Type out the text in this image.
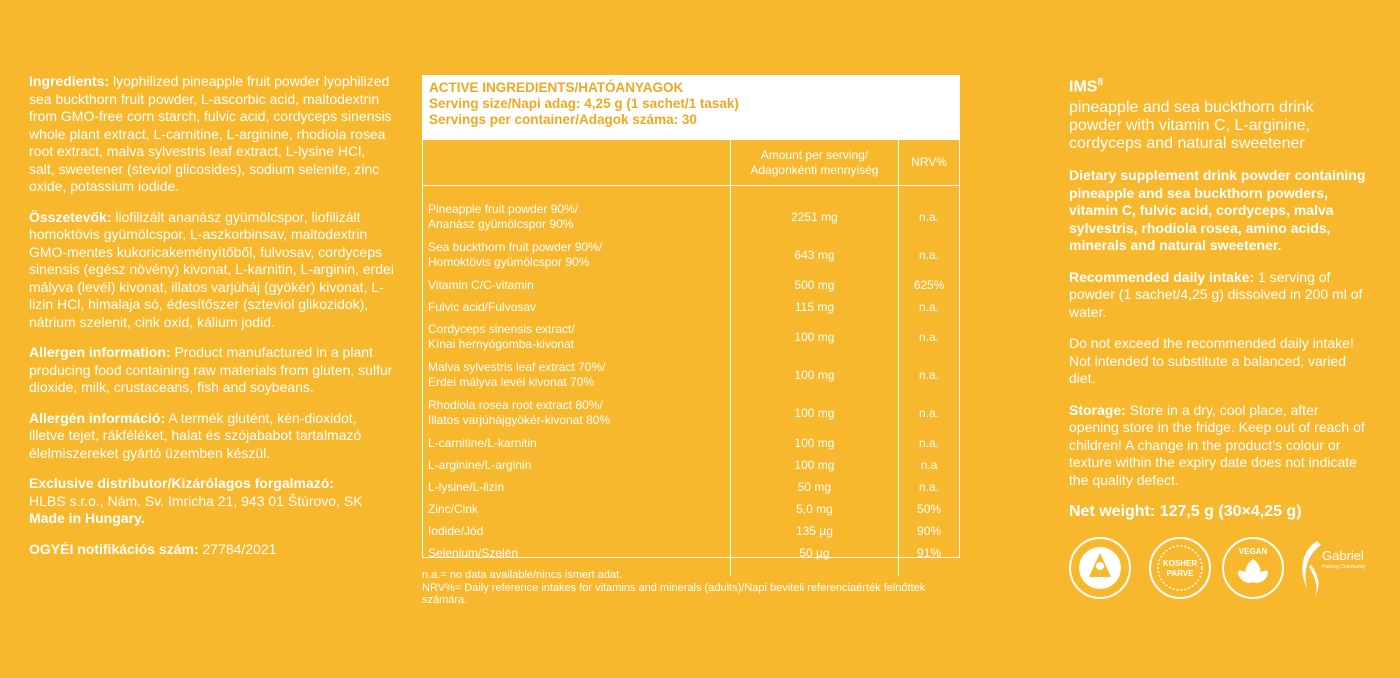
Ingredients: lyophilized pineapple fruit powder lyophilized sea buckthorn fruit powder, L-ascorbic acid, maltodextrin from GMO-free corn starch, fulvic acid, cordyceps sinensis whole plant extract, L-carnitine, L-arginine, rhodiola rosea root extract, malva sylvestris leaf extract, L-lysine HCl, salt, sweetener (steviol glicosides), sodium selenite, zinc oxide, potassium iodide.

Összetevők: liofilizált ananász gyümölcspor, liofilizált homoktövis gyümölcspor, L-aszkorbinsav, maltodextrin GMO-mentes kukoricakeményítőből, fulvosav, cordyceps sinensis (egész növény) kivonat, L-karnitin, L-arginin, erdei mályva (levél) kivonat, illatos varjúháj (gyökér) kivonat, L-lizin HCl, himalaja só, édesítőszer (szteviol glikozidok), nátrium szelenit, cink oxid, kálium jodid.

Allergen information: Product manufactured in a plant producing food containing raw materials from gluten, sulfur dioxide, milk, crustaceans, fish and soybeans.

Allergén információ: A termék glutént, kén-dioxidot, illetve tejet, rákféléket, halat és szójababot tartalmazó élelmiszereket gyártó üzemben készül.

Exclusive distributor/Kizárólagos forgalmazó:
HLBS s.r.o., Nám. Sv. Imricha 21, 943 01 Štúrovo, SK
Made in Hungary.

OGYÉI notifikációs szám: 27784/2021

ACTIVE INGREDIENTS/HATÓANYAGOK
Serving size/Napi adag: 4,25 g (1 sachet/1 tasak)
Servings per container/Adagok száma: 30
	Amount per serving/
Adagonkénti mennyiség	NRV%

Pineapple fruit powder 90%/
Ananász gyümölcspor 90%	2251 mg	n.a.
Sea buckthorn fruit powder 90%/
Homoktövis gyümölcspor 90%	643 mg	n.a.
Vitamin C/C-vitamin	500 mg	625%
Fulvic acid/Fulvosav	115 mg	n.a.
Cordyceps sinensis extract/
Kínai hernyógomba-kivonat	100 mg	n.a.
Malva sylvestris leaf extract 70%/
Erdei mályva levél kivonat 70%	100 mg	n.a.
Rhodiola rosea root extract 80%/
Illatos varjúhájgyökér-kivonat 80%	100 mg	n.a.
L-carnitine/L-karnitin	100 mg	n.a.
L-arginine/L-arginin	100 mg	n.a
L-lysine/L-lizin	50 mg	n.a.
Zinc/Cink	5,0 mg	50%
Iodide/Jód	135 µg	90%
Selenium/Szelén	50 µg	91%

n.a.= no data available/nincs ismert adat.
NRV%= Daily reference intakes for vitamins and minerals (adults)/Napi beviteli referenciaérték felnőttek számára.
IMS$^8$
pineapple and sea buckthorn drink powder with vitamin C, L-arginine, cordyceps and natural sweetener

Dietary supplement drink powder containing pineapple and sea buckthorn powders, vitamin C, fulvic acid, cordyceps, malva sylvestris, rhodiola rosea, amino acids, minerals and natural sweetener.

Recommended daily intake: 1 serving of powder (1 sachet/4,25 g) dissolved in 200 ml of water.

Do not exceed the recommended daily intake! Not intended to substitute a balanced, varied diet.

Storage: Store in a dry, cool place, after opening store in the fridge. Keep out of reach of children! A change in the product’s colour or texture within the expiry date does not indicate the quality defect.

Net weight: 127,5 g (30×4,25 g)
KOSHER
PARVE
VEGAN	Gabriel
Helping Community
